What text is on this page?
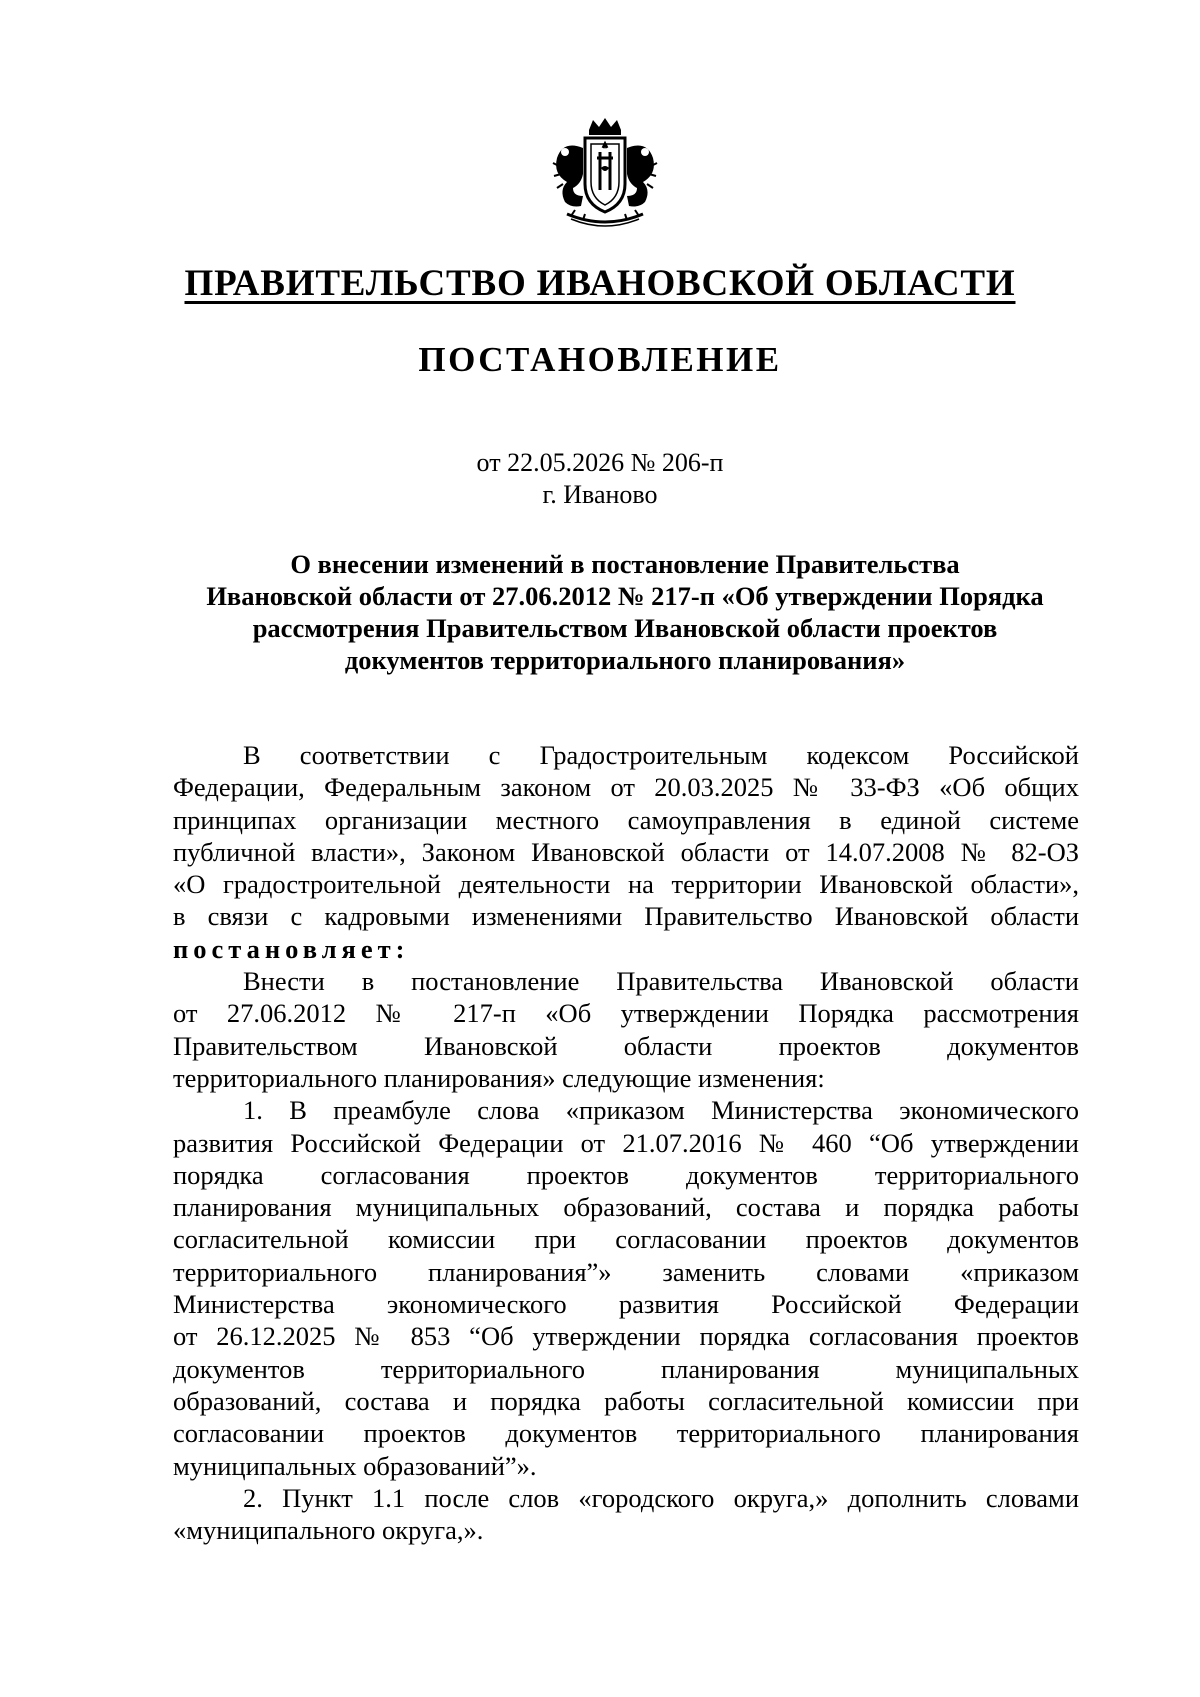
ПРАВИТЕЛЬСТВО ИВАНОВСКОЙ ОБЛАСТИ
ПОСТАНОВЛЕНИЕ
от 22.05.2026 № 206-п
г. Иваново
О внесении изменений в постановление Правительства
Ивановской области от 27.06.2012 № 217-п «Об утверждении Порядка
рассмотрения Правительством Ивановской области проектов
документов территориального планирования»
В соответствии с Градостроительным кодексом Российской
Федерации, Федеральным законом от 20.03.2025 № 33-ФЗ «Об общих
принципах организации местного самоуправления в единой системе
публичной власти», Законом Ивановской области от 14.07.2008 № 82-ОЗ
«О градостроительной деятельности на территории Ивановской области»,
в связи с кадровыми изменениями Правительство Ивановской области
постановляет:
Внести в постановление Правительства Ивановской области
от 27.06.2012 № 217-п «Об утверждении Порядка рассмотрения
Правительством Ивановской области проектов документов
территориального планирования» следующие изменения:
1. В преамбуле слова «приказом Министерства экономического
развития Российской Федерации от 21.07.2016 № 460 “Об утверждении
порядка согласования проектов документов территориального
планирования муниципальных образований, состава и порядка работы
согласительной комиссии при согласовании проектов документов
территориального планирования”» заменить словами «приказом
Министерства экономического развития Российской Федерации
от 26.12.2025 № 853 “Об утверждении порядка согласования проектов
документов территориального планирования муниципальных
образований, состава и порядка работы согласительной комиссии при
согласовании проектов документов территориального планирования
муниципальных образований”».
2. Пункт 1.1 после слов «городского округа,» дополнить словами
«муниципального округа,».
